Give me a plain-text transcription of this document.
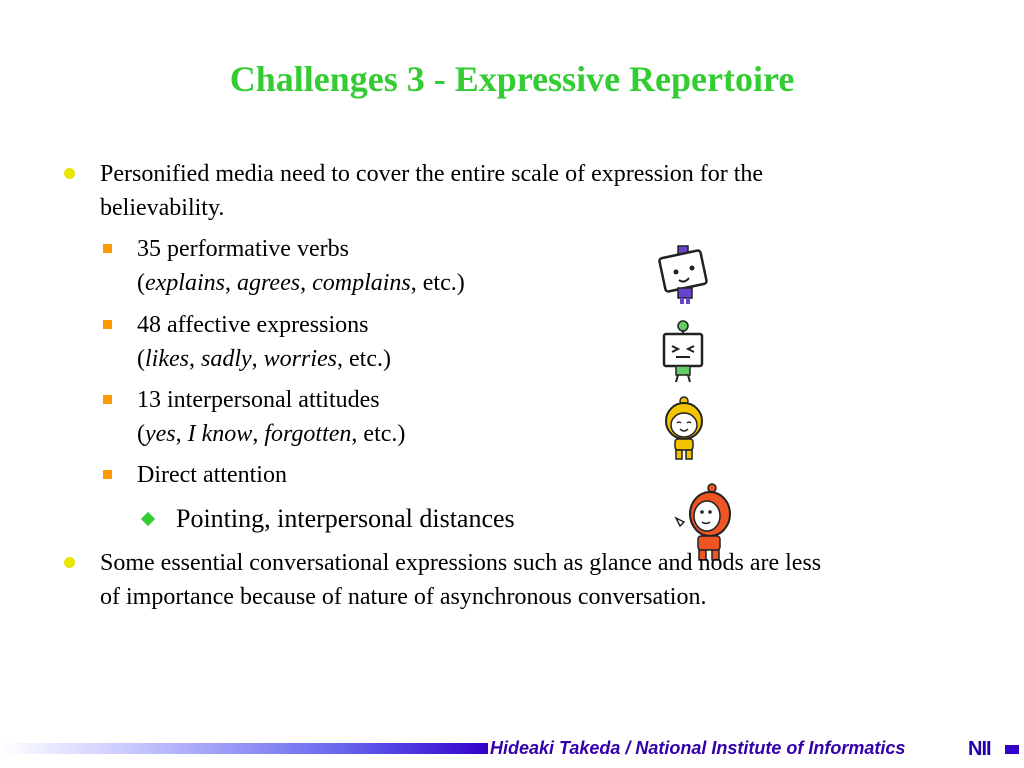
Challenges 3 - Expressive Repertoire
Personified media need to cover the entire scale of expression for the
believability.
35 performative verbs
(explains, agrees, complains, etc.)
48 affective expressions
(likes, sadly, worries, etc.)
13 interpersonal attitudes
(yes, I know, forgotten, etc.)
Direct attention
Pointing, interpersonal distances
Some essential conversational expressions such as glance and nods are less
of importance because of nature of asynchronous conversation.
Hideaki Takeda / National Institute of Informatics	NII
